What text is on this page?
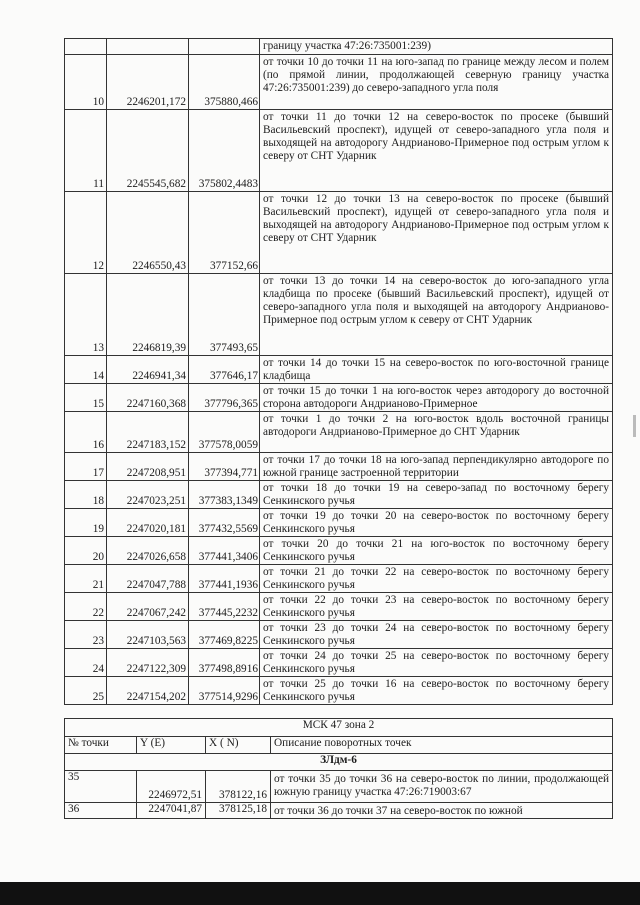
			границу участка 47:26:735001:239)
10	2246201,172	375880,466	от точки 10 до точки 11 на юго-запад по границе между лесом и полем (по прямой линии, продолжающей северную границу участка 47:26:735001:239) до северо-западного угла поля
11	2245545,682	375802,4483	от точки 11 до точки 12 на северо-восток по просеке (бывший Васильевский проспект), идущей от северо-западного угла поля и выходящей на автодорогу Андрианово-Примерное под острым углом к северу от СНТ Ударник
12	2246550,43	377152,66	от точки 12 до точки 13 на северо-восток по просеке (бывший Васильевский проспект), идущей от северо-западного угла поля и выходящей на автодорогу Андрианово-Примерное под острым углом к северу от СНТ Ударник
13	2246819,39	377493,65	от точки 13 до точки 14 на северо-восток до юго-западного угла кладбища по просеке (бывший Васильевский проспект), идущей от северо-западного угла поля и выходящей на автодорогу Андрианово-Примерное под острым углом к северу от СНТ Ударник
14	2246941,34	377646,17	от точки 14 до точки 15 на северо-восток по юго-восточной границе кладбища
15	2247160,368	377796,365	от точки 15 до точки 1 на юго-восток через автодорогу до восточной сторона автодороги Андрианово-Примерное
16	2247183,152	377578,0059	от точки 1 до точки 2 на юго-восток вдоль восточной границы автодороги Андрианово-Примерное до СНТ Ударник
17	2247208,951	377394,771	от точки 17 до точки 18 на юго-запад перпендикулярно автодороге по южной границе застроенной территории
18	2247023,251	377383,1349	от точки 18 до точки 19 на северо-запад по восточному берегу Сенкинского ручья
19	2247020,181	377432,5569	от точки 19 до точки 20 на северо-восток по восточному берегу Сенкинского ручья
20	2247026,658	377441,3406	от точки 20 до точки 21 на юго-восток по восточному берегу Сенкинского ручья
21	2247047,788	377441,1936	от точки 21 до точки 22 на северо-восток по восточному берегу Сенкинского ручья
22	2247067,242	377445,2232	от точки 22 до точки 23 на северо-восток по восточному берегу Сенкинского ручья
23	2247103,563	377469,8225	от точки 23 до точки 24 на северо-восток по восточному берегу Сенкинского ручья
24	2247122,309	377498,8916	от точки 24 до точки 25 на северо-восток по восточному берегу Сенкинского ручья
25	2247154,202	377514,9296	от точки 25 до точки 16 на северо-восток по восточному берегу Сенкинского ручья
МСК 47 зона 2			
№ точки	Y (E)	X ( N)	Описание поворотных точек
ЗЛдм-6			
35	2246972,51	378122,16	от точки 35 до точки 36 на северо-восток по линии, продолжающей южную границу участка 47:26:719003:67
36	2247041,87	378125,18	от точки 36 до точки 37 на северо-восток по южной
